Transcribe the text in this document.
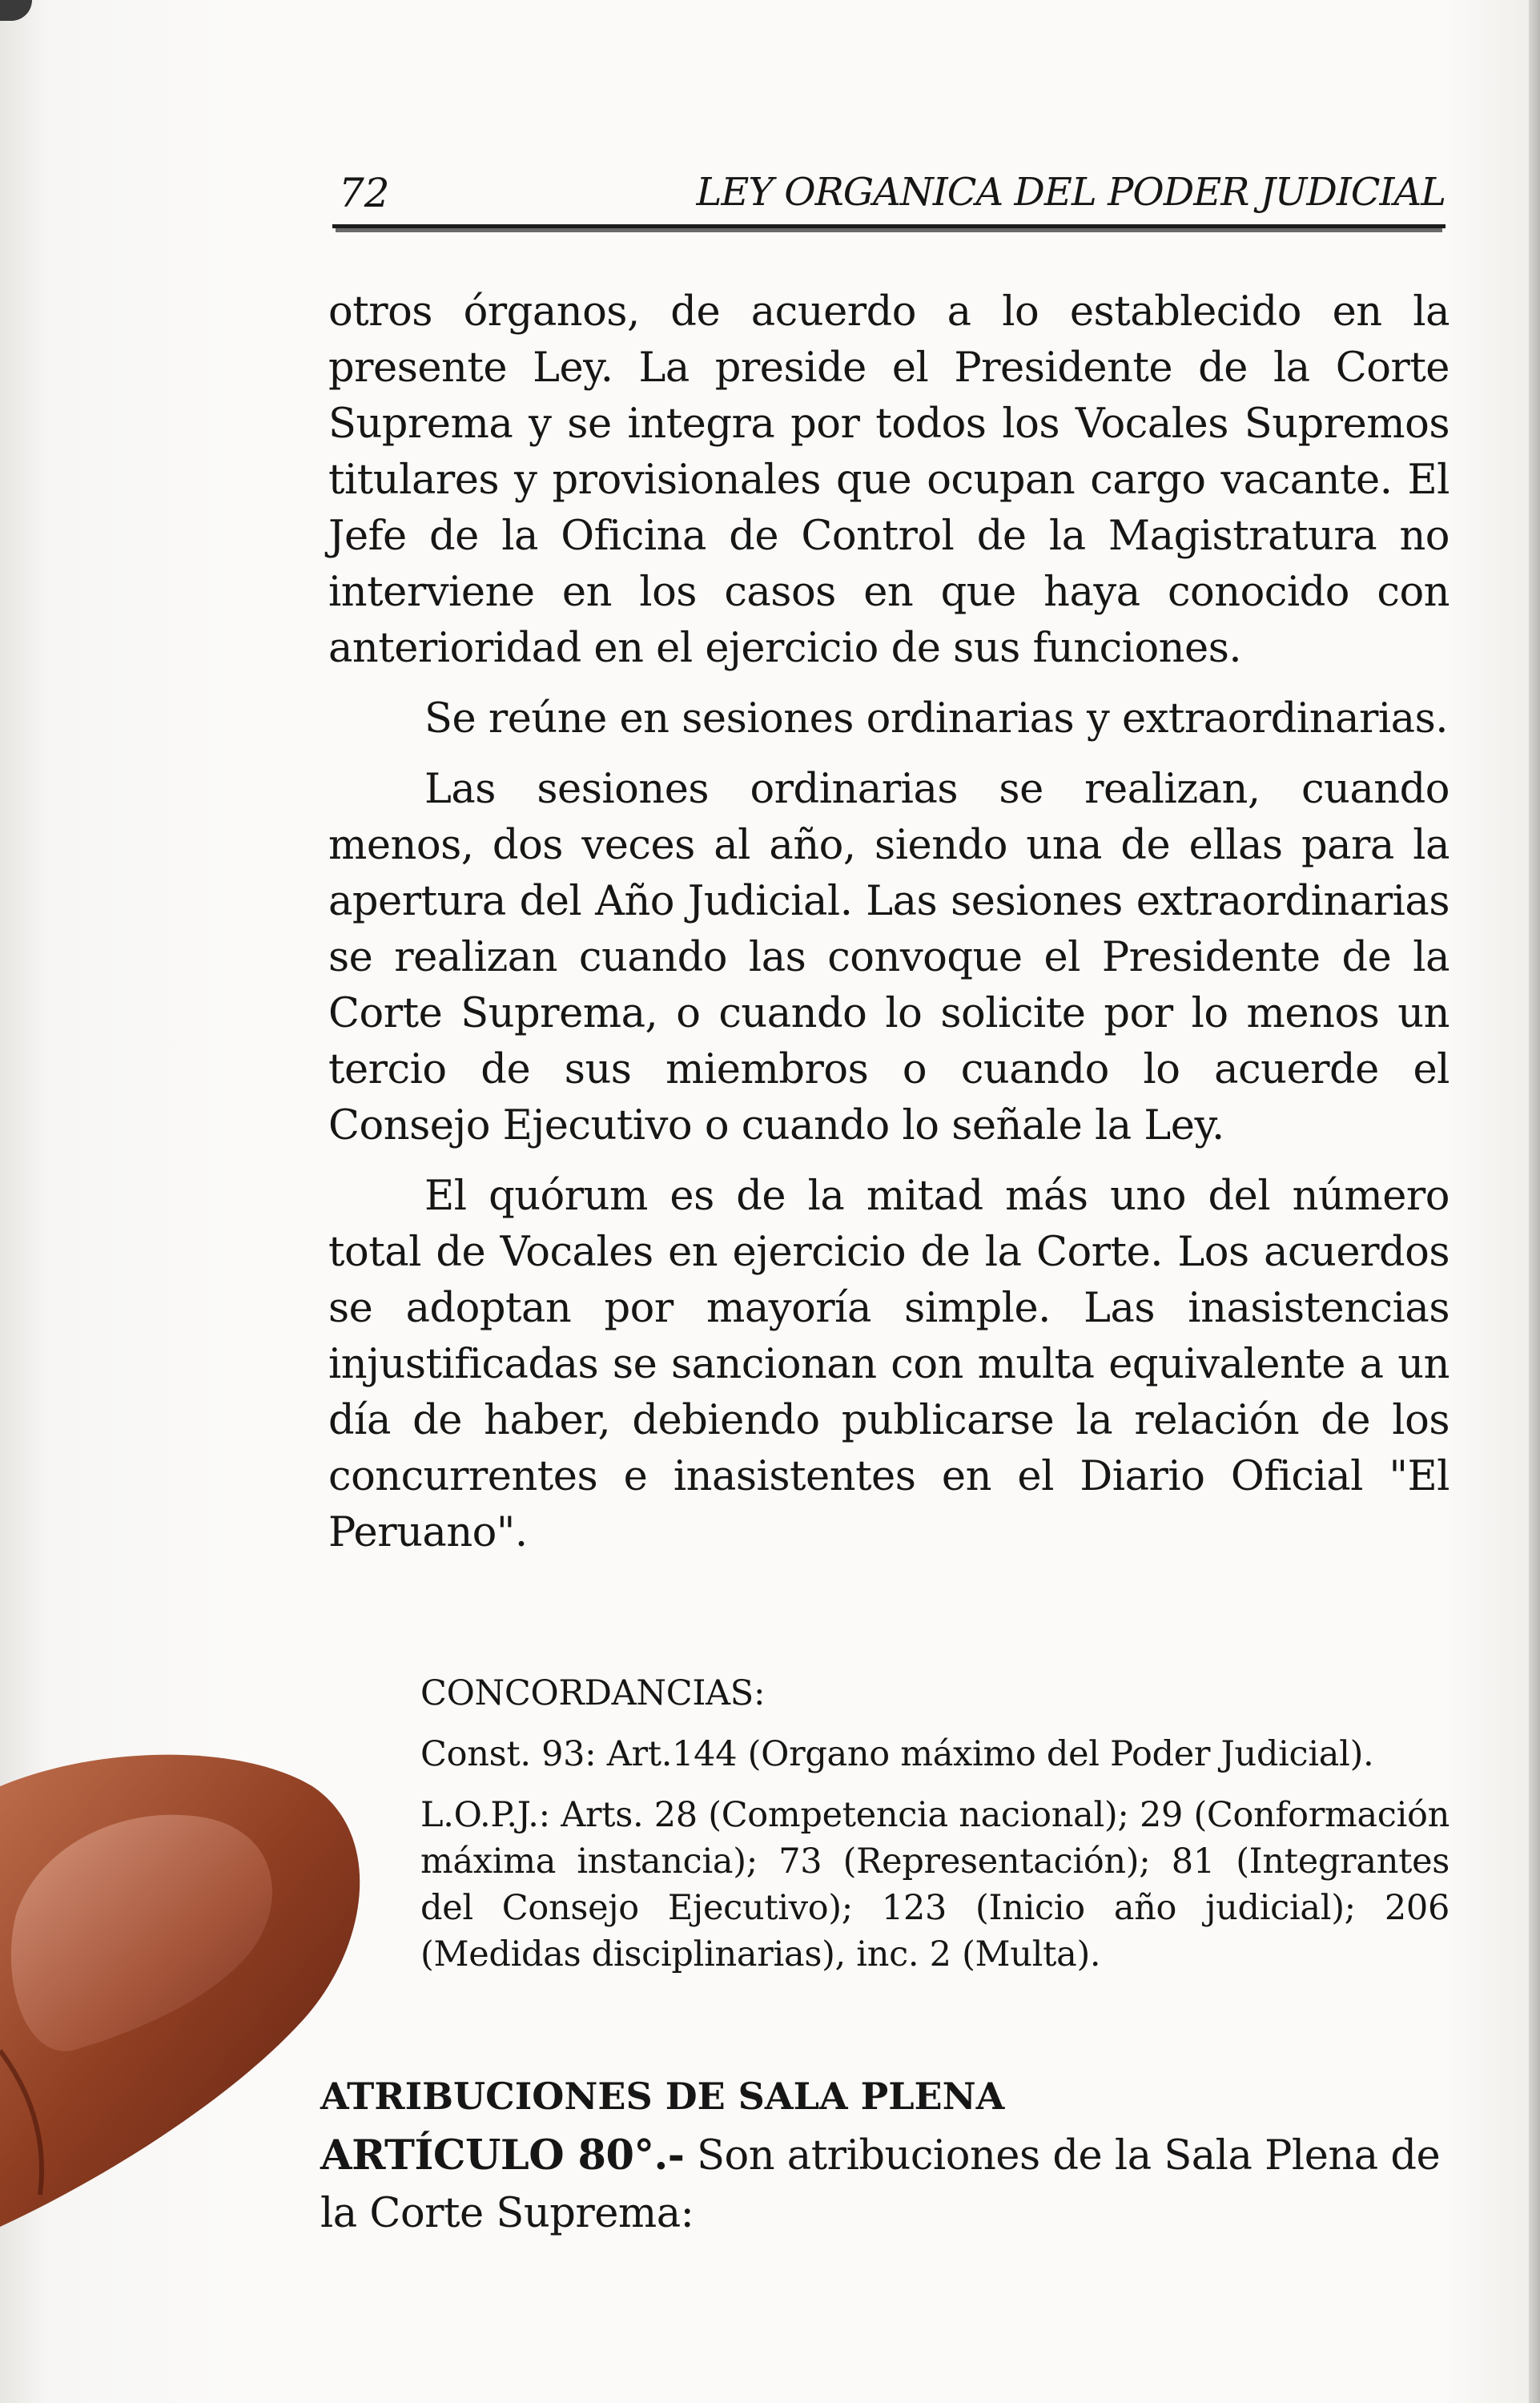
72	LEY ORGANICA DEL PODER JUDICIAL

otros órganos, de acuerdo a lo establecido en la presente Ley. La preside el Presidente de la Corte Suprema y se integra por todos los Vocales Supremos titulares y provisionales que ocupan cargo vacante. El Jefe de la Oficina de Control de la Magistratura no interviene en los casos en que haya conocido con anterioridad en el ejercicio de sus funciones.

Se reúne en sesiones ordinarias y extraordinarias.

Las sesiones ordinarias se realizan, cuando menos, dos veces al año, siendo una de ellas para la apertura del Año Judicial. Las sesiones extraordinarias se realizan cuando las convoque el Presidente de la Corte Suprema, o cuando lo solicite por lo menos un tercio de sus miembros o cuando lo acuerde el Consejo Ejecutivo o cuando lo señale la Ley.

El quórum es de la mitad más uno del número total de Vocales en ejercicio de la Corte. Los acuerdos se adoptan por mayoría simple. Las inasistencias injustificadas se sancionan con multa equivalente a un día de haber, debiendo publicarse la relación de los concurrentes e inasistentes en el Diario Oficial "El Peruano".

CONCORDANCIAS:

Const. 93: Art.144 (Organo máximo del Poder Judicial).

L.O.P.J.: Arts. 28 (Competencia nacional); 29 (Conformación máxima instancia); 73 (Representación); 81 (Integrantes del Consejo Ejecutivo); 123 (Inicio año judicial); 206 (Medidas disciplinarias), inc. 2 (Multa).

ATRIBUCIONES DE SALA PLENA
ARTÍCULO 80°.- Son atribuciones de la Sala Plena de la Corte Suprema:
